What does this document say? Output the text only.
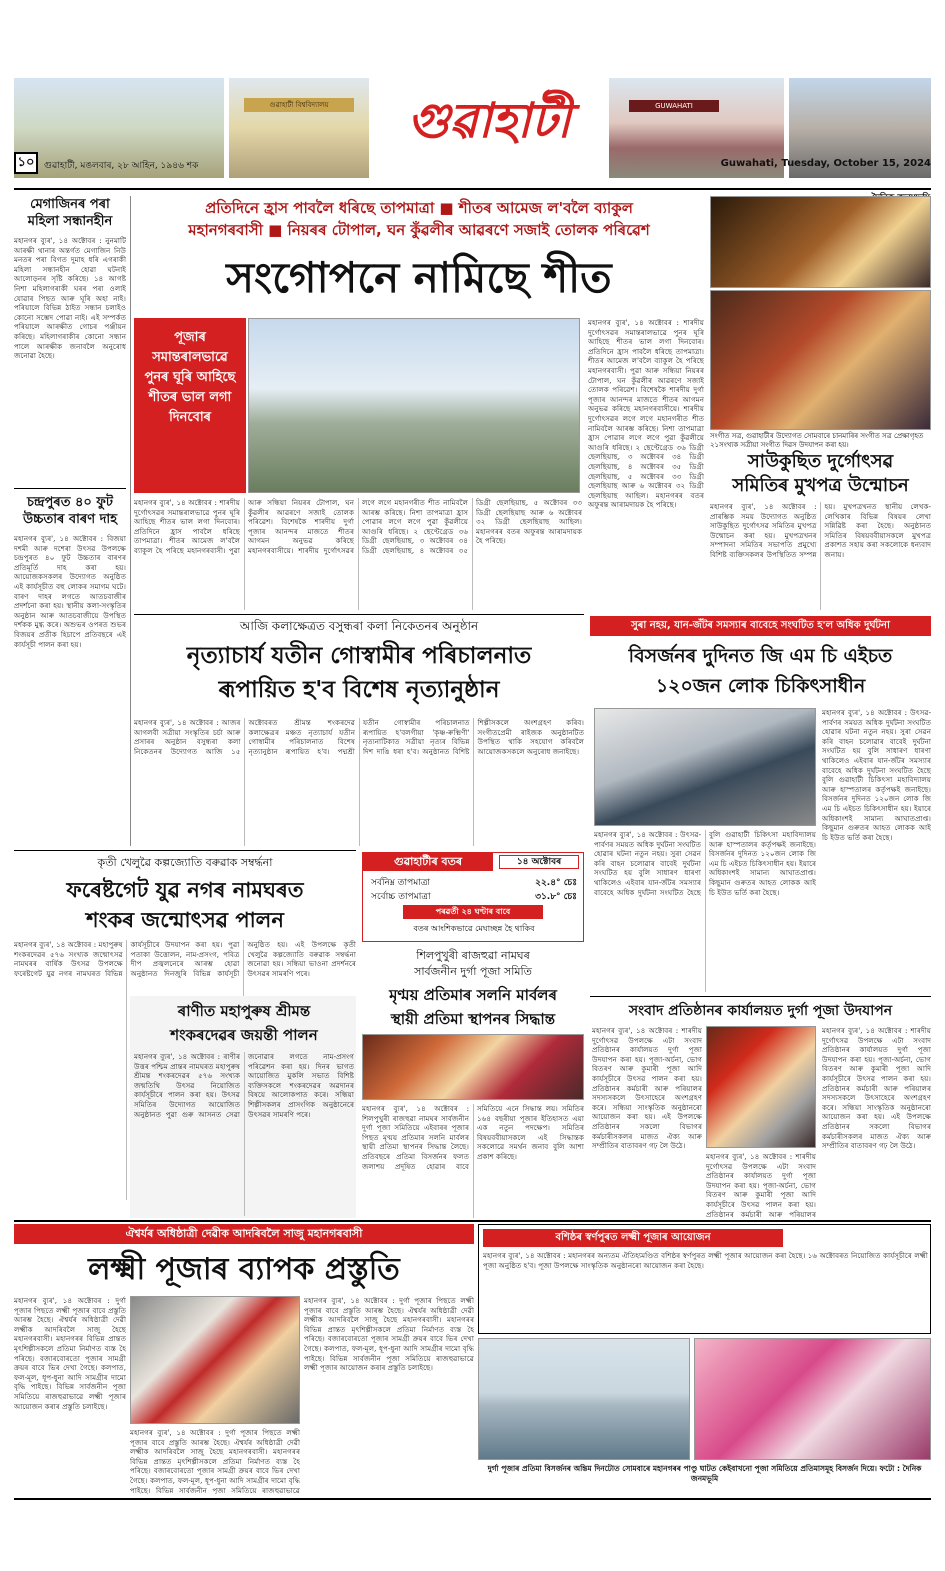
গুৱাহাটী বিশ্ববিদ্যালয়	গুৱাহাটী	GUWAHATI
১০	গুৱাহাটী, মঙলবাৰ, ২৮ আহিন, ১৯৪৬ শক	Guwahati, Tuesday, October 15, 2024
মেগাজিনৰ পৰা মহিলা সন্ধানহীন
মহানগৰ ব্যুৰ', ১৪ অক্টোবৰ : নুনমাটি আৰক্ষী থানাৰ অন্তৰ্গত মেগাজিন নিউ মনতৰ পৰা বিগত দুমাহ ধৰি এগৰাকী মহিলা সন্ধানহীন হোৱা ঘটনাই আলোড়নৰ সৃষ্টি কৰিছে। ১৪ আগষ্ট নিশা মহিলাগৰাকী ঘৰৰ পৰা ওলাই যোৱাৰ পিছত আৰু ঘূৰি অহা নাই। পৰিয়ালে বিভিন্ন ঠাইত সন্ধান চলাইও কোনো সম্ভেদ পোৱা নাই। এই সম্পৰ্কত পৰিয়ালে আৰক্ষীত গোচৰ পঞ্জীয়ন কৰিছে। মহিলাগৰাকীৰ কোনো সন্ধান পালে আৰক্ষীক জনাবলৈ অনুৰোধ জনোৱা হৈছে।
চন্দ্ৰপুৰত ৪০ ফুট উচ্চতাৰ বাৰণ দাহ
মহানগৰ ব্যুৰ', ১৪ অক্টোবৰ : বিজয়া দশমী আৰু দশেৰা উৎসৱ উপলক্ষে চন্দ্ৰপুৰত ৪০ ফুট উচ্চতাৰ বাৰণৰ প্ৰতিমূৰ্তি দাহ কৰা হয়। আয়োজকসকলৰ উদ্যোগত অনুষ্ঠিত এই কাৰ্যসূচীত বহু লোকৰ সমাগম ঘটে। বাৰণ দাহৰ লগতে আতচবাজীৰ প্ৰদৰ্শনো কৰা হয়। স্থানীয় কলা-সংস্কৃতিৰ অনুষ্ঠান আৰু আতচবাজীয়ে উপস্থিত দৰ্শকক মুগ্ধ কৰে। অশুভৰ ওপৰত শুভৰ বিজয়ৰ প্ৰতীক হিচাপে প্ৰতিবছৰে এই কাৰ্যসূচী পালন কৰা হয়।
প্ৰতিদিনে হ্ৰাস পাবলৈ ধৰিছে তাপমাত্ৰা ■ শীতৰ আমেজ ল'বলৈ ব্যাকুল
মহানগৰবাসী ■ নিয়ৰৰ টোপাল, ঘন কুঁৱলীৰ আৱৰণে সজাই তোলক পৰিৱেশ
সংগোপনে নামিছে শীত
পূজাৰ সমান্তৰালভাৱে পুনৰ ঘূৰি আহিছে শীতৰ ভাল লগা দিনবোৰ
মহানগৰ ব্যুৰ', ১৪ অক্টোবৰ : শাৰদীয় দুৰ্গোৎসৱৰ সমান্তৰালভাৱে পুনৰ ঘূৰি আহিছে শীতৰ ভাল লগা দিনবোৰ। প্ৰতিদিনে হ্ৰাস পাবলৈ ধৰিছে তাপমাত্ৰা। শীতৰ আমেজ ল'বলৈ ব্যাকুল হৈ পৰিছে মহানগৰবাসী। পুৱা আৰু সন্ধিয়া নিয়ৰৰ টোপাল, ঘন কুঁৱলীৰ আৱৰণে সজাই তোলক পৰিৱেশ। বিশেষকৈ শাৰদীয় দুৰ্গা পূজাৰ আনন্দৰ মাজতে শীতৰ আগমন অনুভৱ কৰিছে মহানগৰবাসীয়ে। শাৰদীয় দুৰ্গোৎসৱৰ লগে লগে মহানগৰীত শীত নামিবলৈ আৰম্ভ কৰিছে। নিশা তাপমাত্ৰা হ্ৰাস পোৱাৰ লগে লগে পুৱা কুঁৱলীয়ে আগুৰি ধৰিছে। ২ ছেণ্টেগ্ৰেড ৩৬ ডিগ্ৰী ছেলছিয়াছ, ৩ অক্টোবৰ ৩৪ ডিগ্ৰী ছেলছিয়াছ, ৪ অক্টোবৰ ৩৫ ডিগ্ৰী ছেলছিয়াছ, ৫ অক্টোবৰ ৩৩ ডিগ্ৰী ছেলছিয়াছ আৰু ৬ অক্টোবৰ ৩২ ডিগ্ৰী ছেলছিয়াছ আছিল। মহানগৰৰ বতৰ অফুৰন্ত আৰামদায়ক হৈ পৰিছে।
মহানগৰ ব্যুৰ', ১৪ অক্টোবৰ : শাৰদীয় দুৰ্গোৎসৱৰ সমান্তৰালভাৱে পুনৰ ঘূৰি আহিছে শীতৰ ভাল লগা দিনবোৰ। প্ৰতিদিনে হ্ৰাস পাবলৈ ধৰিছে তাপমাত্ৰা। শীতৰ আমেজ ল'বলৈ ব্যাকুল হৈ পৰিছে মহানগৰবাসী। পুৱা আৰু সন্ধিয়া নিয়ৰৰ টোপাল, ঘন কুঁৱলীৰ আৱৰণে সজাই তোলক পৰিৱেশ। বিশেষকৈ শাৰদীয় দুৰ্গা পূজাৰ আনন্দৰ মাজতে শীতৰ আগমন অনুভৱ কৰিছে মহানগৰবাসীয়ে। শাৰদীয় দুৰ্গোৎসৱৰ লগে লগে মহানগৰীত শীত নামিবলৈ আৰম্ভ কৰিছে। নিশা তাপমাত্ৰা হ্ৰাস পোৱাৰ লগে লগে পুৱা কুঁৱলীয়ে আগুৰি ধৰিছে। ২ ছেণ্টেগ্ৰেড ৩৬ ডিগ্ৰী ছেলছিয়াছ, ৩ অক্টোবৰ ৩৪ ডিগ্ৰী ছেলছিয়াছ, ৪ অক্টোবৰ ৩৫ ডিগ্ৰী ছেলছিয়াছ, ৫ অক্টোবৰ ৩৩ ডিগ্ৰী ছেলছিয়াছ আৰু ৬ অক্টোবৰ ৩২ ডিগ্ৰী ছেলছিয়াছ আছিল। মহানগৰৰ বতৰ অফুৰন্ত আৰামদায়ক হৈ পৰিছে।
সংগীত সত্ৰ, গুৱাহাটীৰ উদ্যোগত সোমবাৰে চানমাৰিৰ সংগীত সত্ৰ প্ৰেক্ষাগৃহত ২১সংখ্যক সত্ৰীয়া সংগীত দিৱস উদযাপন কৰা হয়।
সাউকুছিত দুৰ্গোৎসৱ
সমিতিৰ মুখপত্ৰ উন্মোচন
মহানগৰ ব্যুৰ', ১৪ অক্টোবৰ : প্ৰাৰম্ভিক সময় উদ্যোগত অনুষ্ঠিত সাউকুছিত দুৰ্গোৎসৱ সমিতিৰ মুখপত্ৰ উন্মোচন কৰা হয়। মুখপত্ৰখনৰ সম্পাদনা সমিতিৰ সভাপতি প্ৰমুখ্যে বিশিষ্ট ব্যক্তিসকলৰ উপস্থিতিত সম্পন্ন হয়। মুখপত্ৰখনত স্থানীয় লেখক-লেখিকাৰ বিভিন্ন বিষয়ৰ লেখা সন্নিৱিষ্ট কৰা হৈছে। অনুষ্ঠানত সমিতিৰ বিষয়ববীয়াসকলে মুখপত্ৰ প্ৰকাশত সহায় কৰা সকলোকে ধন্যবাদ জনায়।
আজি কলাক্ষেত্ৰত বসুন্ধৰা কলা নিকেতনৰ অনুষ্ঠান
নৃত্যাচাৰ্য যতীন গোস্বামীৰ পৰিচালনাত
ৰূপায়িত হ'ব বিশেষ নৃত্যানুষ্ঠান
মহানগৰ ব্যুৰ', ১৪ অক্টোবৰ : আজৰ আগলবী সত্ৰীয়া সংস্কৃতিৰ চৰ্চা আৰু প্ৰসাৰৰ অনুষ্ঠান বসুন্ধৰা কলা নিকেতনৰ উদ্যোগত আজি ১৫ অক্টোবৰত শ্ৰীমন্ত শংকৰদেৱ কলাক্ষেত্ৰৰ মঞ্চত নৃত্যাচাৰ্য যতীন গোস্বামীৰ পৰিচালনাত বিশেষ নৃত্যানুষ্ঠান ৰূপায়িত হ'ব। পদ্মশ্ৰী যতীন গোস্বামীৰ পৰিচালনাত ৰূপায়িত হ'বলগীয়া 'কৃষ্ণ-ৰুক্মিণী' নৃত্যনাটিকাত সত্ৰীয়া নৃত্যৰ বিভিন্ন দিশ দাঙি ধৰা হ'ব। অনুষ্ঠানত বিশিষ্ট শিল্পীসকলে অংশগ্ৰহণ কৰিব। সংগীতপ্ৰেমী ৰাইজক অনুষ্ঠানটিত উপস্থিত থাকি সহযোগ কৰিবলৈ আয়োজকসকলে অনুৰোধ জনাইছে।
সুৰা নহয়, যান-জঁটৰ সমস্যাৰ বাবেহে সংঘটিত হ'ল অধিক দুৰ্ঘটনা
বিসৰ্জনৰ দুদিনত জি এম চি এইচত
১২০জন লোক চিকিৎসাধীন
মহানগৰ ব্যুৰ', ১৪ অক্টোবৰ : উৎসৱ-পাৰ্বণৰ সময়ত অধিক দুৰ্ঘটনা সংঘটিত হোৱাৰ ঘটনা নতুন নহয়। সুৰা সেৱন কৰি বাহন চলোৱাৰ বাবেই দুৰ্ঘটনা সংঘটিত হয় বুলি সাধাৰণ ধাৰণা থাকিলেও এইবাৰ যান-জঁটৰ সমস্যাৰ বাবেহে অধিক দুৰ্ঘটনা সংঘটিত হৈছে বুলি গুৱাহাটী চিকিৎসা মহাবিদ্যালয় আৰু হাস্পতালৰ কৰ্তৃপক্ষই জনাইছে। বিসৰ্জনৰ দুদিনত ১২০জন লোক জি এম চি এইচত চিকিৎসাধীন হয়। ইয়াৰে অধিকাংশই সামান্য আঘাতপ্ৰাপ্ত। কিছুমান গুৰুতৰ আহত লোকক আই চি ইউত ভৰ্তি কৰা হৈছে।
মহানগৰ ব্যুৰ', ১৪ অক্টোবৰ : উৎসৱ-পাৰ্বণৰ সময়ত অধিক দুৰ্ঘটনা সংঘটিত হোৱাৰ ঘটনা নতুন নহয়। সুৰা সেৱন কৰি বাহন চলোৱাৰ বাবেই দুৰ্ঘটনা সংঘটিত হয় বুলি সাধাৰণ ধাৰণা থাকিলেও এইবাৰ যান-জঁটৰ সমস্যাৰ বাবেহে অধিক দুৰ্ঘটনা সংঘটিত হৈছে বুলি গুৱাহাটী চিকিৎসা মহাবিদ্যালয় আৰু হাস্পতালৰ কৰ্তৃপক্ষই জনাইছে। বিসৰ্জনৰ দুদিনত ১২০জন লোক জি এম চি এইচত চিকিৎসাধীন হয়। ইয়াৰে অধিকাংশই সামান্য আঘাতপ্ৰাপ্ত। কিছুমান গুৰুতৰ আহত লোকক আই চি ইউত ভৰ্তি কৰা হৈছে।
গুৱাহাটীৰ বতৰ	১৪ অক্টোবৰ
সৰ্বনিম্ন তাপমাত্ৰা	২২.৪° চেঃ
সৰ্বোচ্চ তাপমাত্ৰা	৩১.৮° চেঃ
পৰৱৰ্তী ২৪ ঘণ্টাৰ বাবে
বতৰ আংশিকভাৱে মেঘাচ্ছন্ন হৈ থাকিব
কৃতী খেলুৱৈ কল্পজ্যোতি বৰুৱাক সম্বৰ্দ্ধনা
ফৰেষ্টগেট যুৱ নগৰ নামঘৰত
শংকৰ জন্মোৎসৱ পালন
মহানগৰ ব্যুৰ', ১৪ অক্টোবৰ : মহাপুৰুষ শংকৰদেৱৰ ৫৭৬ সংখ্যক জন্মোৎসৱ নামঘৰৰ বাৰ্ষিক উৎসৱ উপলক্ষে ফৰেষ্টগেট যুৱ নগৰ নামঘৰত বিভিন্ন কাৰ্যসূচীৰে উদযাপন কৰা হয়। পুৱা পতাকা উত্তোলন, নাম-প্ৰসংগ, পবিত্ৰ দীপ প্ৰজ্বলনেৰে আৰম্ভ হোৱা অনুষ্ঠানত দিনজুৰি বিভিন্ন কাৰ্যসূচী অনুষ্ঠিত হয়। এই উপলক্ষে কৃতী খেলুৱৈ কল্পজ্যোতি বৰুৱাক সম্বৰ্দ্ধনা জনোৱা হয়। সন্ধিয়া ভাওনা প্ৰদৰ্শনৰে উৎসৱৰ সামৰণি পৰে।
ৰাণীত মহাপুৰুষ শ্ৰীমন্ত
শংকৰদেৱৰ জয়ন্তী পালন
মহানগৰ ব্যুৰ', ১৪ অক্টোবৰ : ৰাণীৰ উত্তৰ পশ্চিম প্ৰান্তৰ নামঘৰত মহাপুৰুষ শ্ৰীমন্ত শংকৰদেৱৰ ৫৭৬ সংখ্যক জন্মতিথি উৎসৱ নিয়োজিত কাৰ্যসূচীৰে পালন কৰা হয়। উৎসৱ সমিতিৰ উদ্যোগত আয়োজিত অনুষ্ঠানত পুৱা গুৰু আসনত সেৱা জনোৱাৰ লগতে নাম-প্ৰসংগ পৰিৱেশন কৰা হয়। দিনৰ ভাগত আয়োজিত মুকলি সভাত বিশিষ্ট ব্যক্তিসকলে শংকৰদেৱৰ অৱদানৰ বিষয়ে আলোকপাত কৰে। সন্ধিয়া শিল্পীসকলৰ প্ৰাসংগিক অনুষ্ঠানেৰে উৎসৱৰ সামৰণি পৰে।
শিলপুখুৰী ৰাজহুৱা নামঘৰ
সাৰ্বজনীন দুৰ্গা পূজা সমিতি
মৃণ্ময় প্ৰতিমাৰ সলনি মাৰ্বলৰ
স্থায়ী প্ৰতিমা স্থাপনৰ সিদ্ধান্ত
মহানগৰ ব্যুৰ', ১৪ অক্টোবৰ : শিলপুখুৰী ৰাজহুৱা নামঘৰ সাৰ্বজনীন দুৰ্গা পূজা সমিতিয়ে এইবাৰৰ পূজাৰ পিছত মৃণ্ময় প্ৰতিমাৰ সলনি মাৰ্বলৰ স্থায়ী প্ৰতিমা স্থাপনৰ সিদ্ধান্ত লৈছে। প্ৰতিবছৰে প্ৰতিমা বিসৰ্জনৰ ফলত জলাশয় প্ৰদূষিত হোৱাৰ বাবে সমিতিয়ে এনে সিদ্ধান্ত লয়। সমিতিৰ ১৬৪ বছৰীয়া পূজাৰ ইতিহাসত এয়া এক নতুন পদক্ষেপ। সমিতিৰ বিষয়ববীয়াসকলে এই সিদ্ধান্তক সকলোৱে সমৰ্থন জনাব বুলি আশা প্ৰকাশ কৰিছে।
সংবাদ প্ৰতিষ্ঠানৰ কাৰ্যালয়ত দুৰ্গা পূজা উদযাপন
মহানগৰ ব্যুৰ', ১৪ অক্টোবৰ : শাৰদীয় দুৰ্গোৎসৱ উপলক্ষে এটা সংবাদ প্ৰতিষ্ঠানৰ কাৰ্যালয়ত দুৰ্গা পূজা উদযাপন কৰা হয়। পূজা-অৰ্চনা, ভোগ বিতৰণ আৰু কুমাৰী পূজা আদি কাৰ্যসূচীৰে উৎসৱ পালন কৰা হয়। প্ৰতিষ্ঠানৰ কৰ্মচাৰী আৰু পৰিয়ালৰ সদস্যসকলে উৎসাহেৰে অংশগ্ৰহণ কৰে। সন্ধিয়া সাংস্কৃতিক অনুষ্ঠানৰো আয়োজন কৰা হয়। এই উপলক্ষে প্ৰতিষ্ঠানৰ সকলো বিভাগৰ কৰ্মচাৰীসকলৰ মাজত ঐক্য আৰু সম্প্ৰীতিৰ বাতাবৰণ গঢ় লৈ উঠে।
মহানগৰ ব্যুৰ', ১৪ অক্টোবৰ : শাৰদীয় দুৰ্গোৎসৱ উপলক্ষে এটা সংবাদ প্ৰতিষ্ঠানৰ কাৰ্যালয়ত দুৰ্গা পূজা উদযাপন কৰা হয়। পূজা-অৰ্চনা, ভোগ বিতৰণ আৰু কুমাৰী পূজা আদি কাৰ্যসূচীৰে উৎসৱ পালন কৰা হয়। প্ৰতিষ্ঠানৰ কৰ্মচাৰী আৰু পৰিয়ালৰ সদস্যসকলে উৎসাহেৰে অংশগ্ৰহণ কৰে। সন্ধিয়া সাংস্কৃতিক অনুষ্ঠানৰো আয়োজন কৰা হয়। এই উপলক্ষে প্ৰতিষ্ঠানৰ সকলো বিভাগৰ কৰ্মচাৰীসকলৰ মাজত ঐক্য আৰু সম্প্ৰীতিৰ বাতাবৰণ গঢ় লৈ উঠে।
মহানগৰ ব্যুৰ', ১৪ অক্টোবৰ : শাৰদীয় দুৰ্গোৎসৱ উপলক্ষে এটা সংবাদ প্ৰতিষ্ঠানৰ কাৰ্যালয়ত দুৰ্গা পূজা উদযাপন কৰা হয়। পূজা-অৰ্চনা, ভোগ বিতৰণ আৰু কুমাৰী পূজা আদি কাৰ্যসূচীৰে উৎসৱ পালন কৰা হয়। প্ৰতিষ্ঠানৰ কৰ্মচাৰী আৰু পৰিয়ালৰ
ঐশ্বৰ্যৰ অধিষ্ঠাত্ৰী দেৱীক আদৰিবলৈ সাজু মহানগৰবাসী
লক্ষ্মী পূজাৰ ব্যাপক প্ৰস্তুতি
মহানগৰ ব্যুৰ', ১৪ অক্টোবৰ : দুৰ্গা পূজাৰ পিছতে লক্ষ্মী পূজাৰ বাবে প্ৰস্তুতি আৰম্ভ হৈছে। ঐশ্বৰ্যৰ অধিষ্ঠাত্ৰী দেৱী লক্ষ্মীক আদৰিবলৈ সাজু হৈছে মহানগৰবাসী। মহানগৰৰ বিভিন্ন প্ৰান্তত মৃৎশিল্পীসকলে প্ৰতিমা নিৰ্মাণত ব্যস্ত হৈ পৰিছে। বজাৰবোৰতো পূজাৰ সামগ্ৰী ক্ৰয়ৰ বাবে ভিৰ দেখা গৈছে। কলপাত, ফল-মূল, ধূপ-ধুনা আদি সামগ্ৰীৰ দামো বৃদ্ধি পাইছে। বিভিন্ন সাৰ্বজনীন পূজা সমিতিয়ে ৰাজহুৱাভাৱে লক্ষ্মী পূজাৰ আয়োজন কৰাৰ প্ৰস্তুতি চলাইছে।
মহানগৰ ব্যুৰ', ১৪ অক্টোবৰ : দুৰ্গা পূজাৰ পিছতে লক্ষ্মী পূজাৰ বাবে প্ৰস্তুতি আৰম্ভ হৈছে। ঐশ্বৰ্যৰ অধিষ্ঠাত্ৰী দেৱী লক্ষ্মীক আদৰিবলৈ সাজু হৈছে মহানগৰবাসী। মহানগৰৰ বিভিন্ন প্ৰান্তত মৃৎশিল্পীসকলে প্ৰতিমা নিৰ্মাণত ব্যস্ত হৈ পৰিছে। বজাৰবোৰতো পূজাৰ সামগ্ৰী ক্ৰয়ৰ বাবে ভিৰ দেখা গৈছে। কলপাত, ফল-মূল, ধূপ-ধুনা আদি সামগ্ৰীৰ দামো বৃদ্ধি পাইছে। বিভিন্ন সাৰ্বজনীন পূজা সমিতিয়ে ৰাজহুৱাভাৱে লক্ষ্মী পূজাৰ আয়োজন কৰাৰ প্ৰস্তুতি চলাইছে।
মহানগৰ ব্যুৰ', ১৪ অক্টোবৰ : দুৰ্গা পূজাৰ পিছতে লক্ষ্মী পূজাৰ বাবে প্ৰস্তুতি আৰম্ভ হৈছে। ঐশ্বৰ্যৰ অধিষ্ঠাত্ৰী দেৱী লক্ষ্মীক আদৰিবলৈ সাজু হৈছে মহানগৰবাসী। মহানগৰৰ বিভিন্ন প্ৰান্তত মৃৎশিল্পীসকলে প্ৰতিমা নিৰ্মাণত ব্যস্ত হৈ পৰিছে। বজাৰবোৰতো পূজাৰ সামগ্ৰী ক্ৰয়ৰ বাবে ভিৰ দেখা গৈছে। কলপাত, ফল-মূল, ধূপ-ধুনা আদি সামগ্ৰীৰ দামো বৃদ্ধি পাইছে। বিভিন্ন সাৰ্বজনীন পূজা সমিতিয়ে ৰাজহুৱাভাৱে
বশিষ্ঠৰ স্বৰ্ণপুৰত লক্ষ্মী পূজাৰ আয়োজন
মহানগৰ ব্যুৰ', ১৪ অক্টোবৰ : মহানগৰৰ অন্যতম ঐতিহ্যমণ্ডিত বশিষ্ঠৰ স্বৰ্ণপুৰত লক্ষ্মী পূজাৰ আয়োজন কৰা হৈছে। ১৬ অক্টোবৰত নিয়োজিত কাৰ্যসূচীৰে লক্ষ্মী পূজা অনুষ্ঠিত হ'ব। পূজা উপলক্ষে সাংস্কৃতিক অনুষ্ঠানৰো আয়োজন কৰা হৈছে।
দুৰ্গা পূজাৰ প্ৰতিমা বিসৰ্জনৰ অন্তিম দিনটোত সোমবাৰে মহানগৰৰ পাণ্ডু ঘাটত কেইবাখনো পূজা সমিতিয়ে প্ৰতিমাসমূহ বিসৰ্জন দিয়ে। ফটো : দৈনিক জনমভূমি
